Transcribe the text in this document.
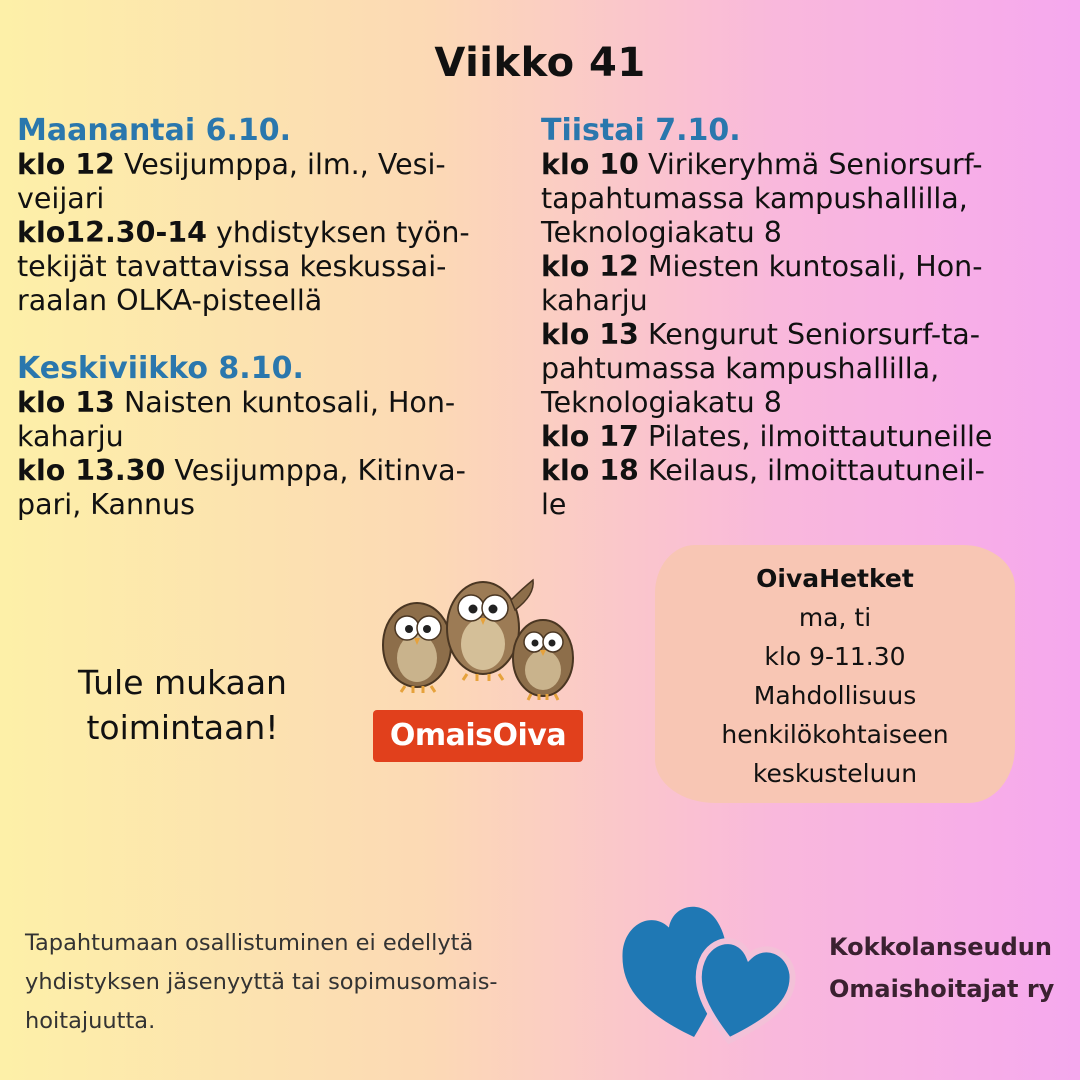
Viikko 41
Maanantai 6.10.
klo 12 Vesijumppa, ilm., Vesi-
veijari
klo12.30-14 yhdistyksen työn-
tekijät tavattavissa keskussai-
raalan OLKA-pisteellä
Keskiviikko 8.10.
klo 13 Naisten kuntosali, Hon-
kaharju
klo 13.30 Vesijumppa, Kitinva-
pari, Kannus
Tiistai 7.10.
klo 10 Virikeryhmä Seniorsurf-
tapahtumassa kampushallilla,
Teknologiakatu 8
klo 12 Miesten kuntosali, Hon-
kaharju
klo 13 Kengurut Seniorsurf-ta-
pahtumassa kampushallilla,
Teknologiakatu 8
klo 17 Pilates, ilmoittautuneille
klo 18 Keilaus, ilmoittautuneil-
le
Tule mukaan
toimintaan!	OmaisOiva
OivaHetket
ma, ti
klo 9-11.30
Mahdollisuus
henkilökohtaiseen
keskusteluun
Tapahtumaan osallistuminen ei edellytä
yhdistyksen jäsenyyttä tai sopimusomais-
hoitajuutta.
Kokkolanseudun
Omaishoitajat ry
